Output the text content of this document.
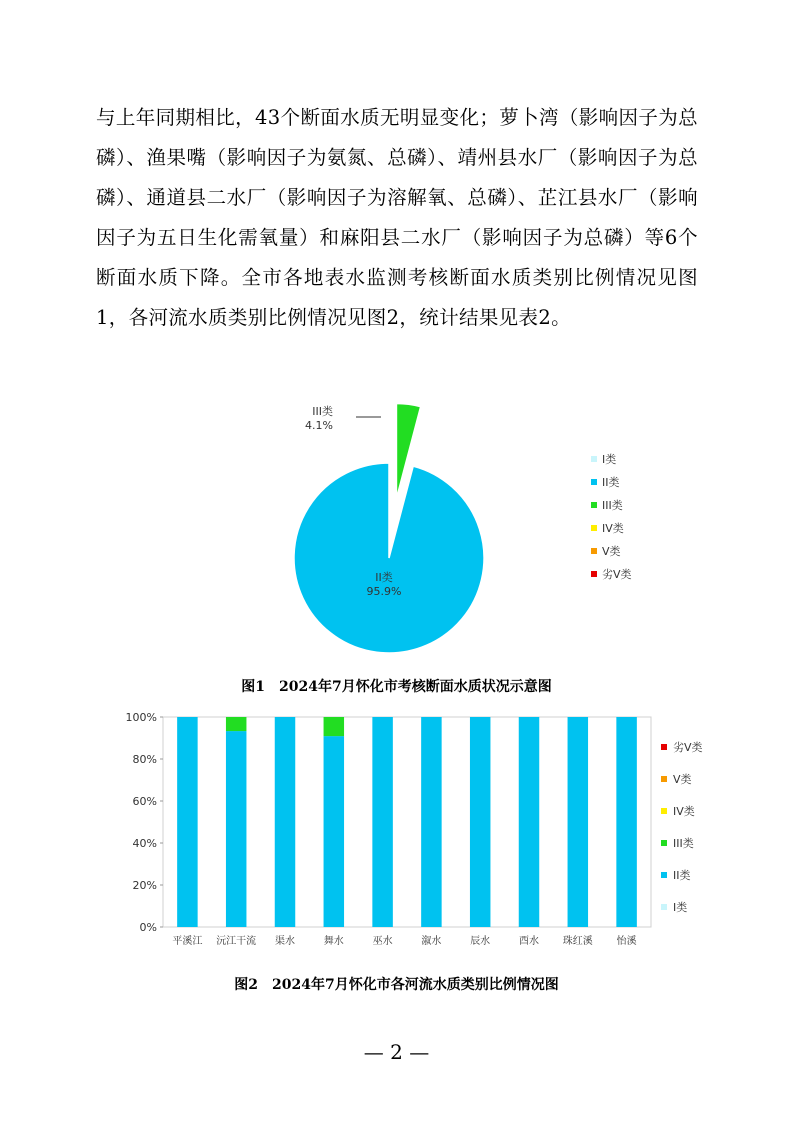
与上年同期相比，43个断面水质无明显变化；萝卜湾（影响因子为总磷）、渔果嘴（影响因子为氨氮、总磷）、靖州县水厂（影响因子为总磷）、通道县二水厂（影响因子为溶解氧、总磷）、芷江县水厂（影响因子为五日生化需氧量）和麻阳县二水厂（影响因子为总磷）等6个断面水质下降。全市各地表水监测考核断面水质类别比例情况见图1，各河流水质类别比例情况见图2，统计结果见表2。

II类
95.9%
III类
4.1%
I类
II类
III类
IV类
V类
劣V类
图1　2024年7月怀化市考核断面水质状况示意图
0%
20%
40%
60%
80%
100%
平溪江 沅江干流 渠水	舞水	巫水	溆水	辰水	酉水 珠红溪 怡溪
劣V类
V类
IV类
III类
II类
I类
图2　2024年7月怀化市各河流水质类别比例情况图
— 2 —
